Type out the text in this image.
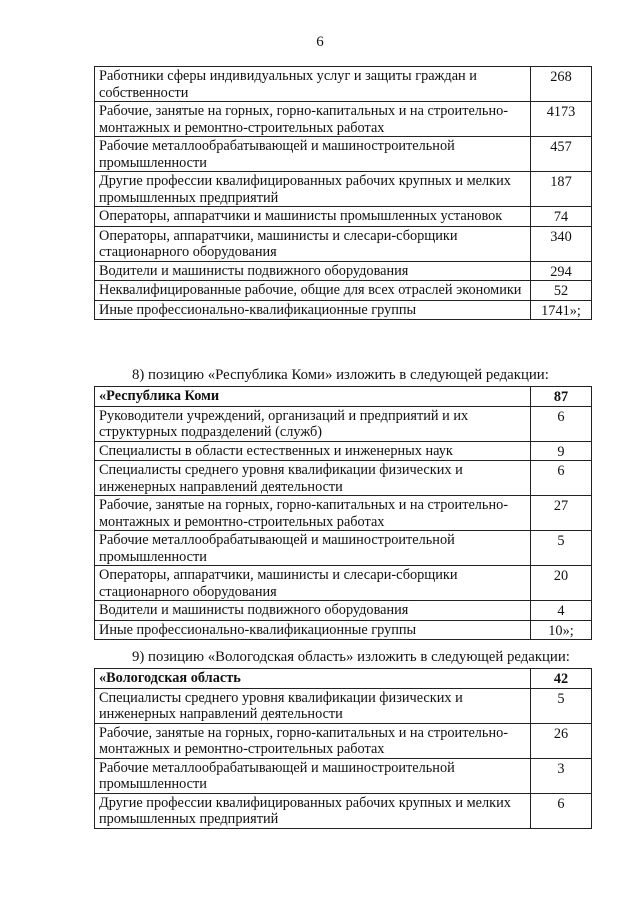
6
Работники сферы индивидуальных услуг и защиты граждан и собственности	268
Рабочие, занятые на горных, горно-капитальных и на строительно-монтажных и ремонтно-строительных работах	4173
Рабочие металлообрабатывающей и машиностроительной промышленности	457
Другие профессии квалифицированных рабочих крупных и мелких промышленных предприятий	187
Операторы, аппаратчики и машинисты промышленных установок	74
Операторы, аппаратчики, машинисты и слесари-сборщики стационарного оборудования	340
Водители и машинисты подвижного оборудования	294
Неквалифицированные рабочие, общие для всех отраслей экономики	52
Иные профессионально-квалификационные группы	1741»;
8) позицию «Республика Коми» изложить в следующей редакции:
«Республика Коми	87
Руководители учреждений, организаций и предприятий и их структурных подразделений (служб)	6
Специалисты в области естественных и инженерных наук	9
Специалисты среднего уровня квалификации физических и инженерных направлений деятельности	6
Рабочие, занятые на горных, горно-капитальных и на строительно-монтажных и ремонтно-строительных работах	27
Рабочие металлообрабатывающей и машиностроительной промышленности	5
Операторы, аппаратчики, машинисты и слесари-сборщики стационарного оборудования	20
Водители и машинисты подвижного оборудования	4
Иные профессионально-квалификационные группы	10»;
9) позицию «Вологодская область» изложить в следующей редакции:
«Вологодская область	42
Специалисты среднего уровня квалификации физических и инженерных направлений деятельности	5
Рабочие, занятые на горных, горно-капитальных и на строительно-монтажных и ремонтно-строительных работах	26
Рабочие металлообрабатывающей и машиностроительной промышленности	3
Другие профессии квалифицированных рабочих крупных и мелких промышленных предприятий	6
